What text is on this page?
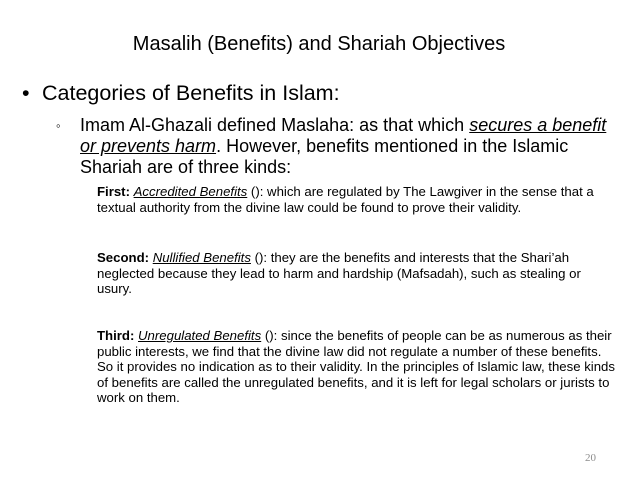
Masalih (Benefits) and Shariah Objectives
• Categories of Benefits in Islam:
◦ Imam Al-Ghazali defined Maslaha: as that which secures a benefit or prevents harm. However, benefits mentioned in the Islamic Shariah are of three kinds:
First: Accredited Benefits (): which are regulated by The Lawgiver in the sense that a textual authority from the divine law could be found to prove their validity.
Second: Nullified Benefits (): they are the benefits and interests that the Shari’ah neglected because they lead to harm and hardship (Mafsadah), such as stealing or usury.
Third: Unregulated Benefits (): since the benefits of people can be as numerous as their public interests, we find that the divine law did not regulate a number of these benefits. So it provides no indication as to their validity. In the principles of Islamic law, these kinds of benefits are called the unregulated benefits, and it is left for legal scholars or jurists to work on them.
20
